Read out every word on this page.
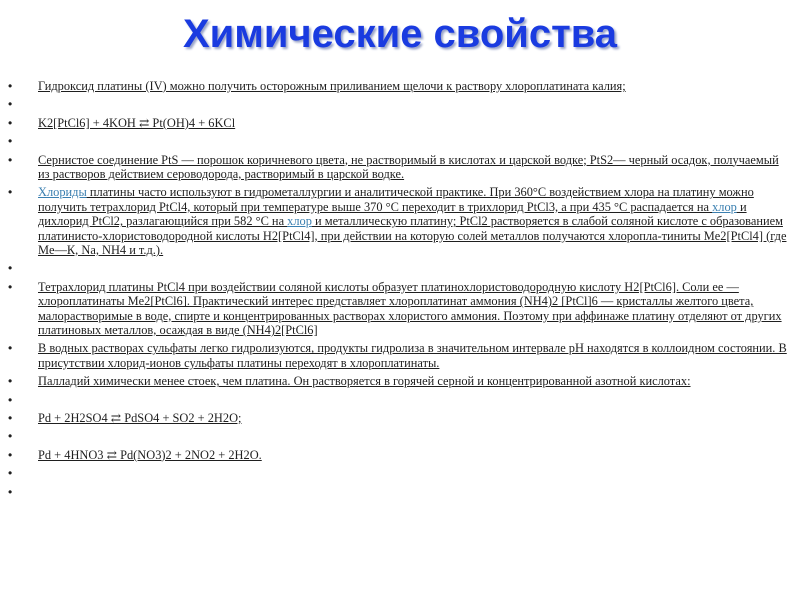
Химические свойства
• Гидроксид платины (IV) можно получить осторожным приливанием щелочи к раствору хлороплатината калия;
•
• K2[PtCl6] + 4KOH ⇄ Pt(OH)4 + 6KCl
•
• Сернистое соединение PtS — порошок коричневого цвета, не растворимый в кислотах и царской водке; PtS2— черный осадок, получаемый из растворов действием сероводорода, растворимый в царской водке.
• Хлориды платины часто используют в гидрометаллургии и аналитической практике. При 360°С воздействием хлора на платину можно получить тетрахлорид PtCl4, который при температуре выше 370 °С переходит в трихлорид PtCl3, а при 435 °С распадается на хлор и дихлорид PtCl2, разлагающийся при 582 °С на хлор и металлическую платину; PtCl2 растворяется в слабой соляной кислоте с образованием платинисто-хлористоводородной кислоты H2[PtCl4], при действии на которую солей металлов получаются хлоропла-тиниты Me2[PtCl4] (где Me—К, Na, NH4 и т.д.).
•
• Тетрахлорид платины PtCl4 при воздействии соляной кислоты образует платинохлористоводородную кислоту H2[PtCl6]. Соли ее — хлороплатинаты Me2[PtCl6]. Практический интерес представляет хлороплатинат аммония (NH4)2 [PtCl]6 — кристаллы желтого цвета, малорастворимые в воде, спирте и концентрированных растворах хлористого аммония. Поэтому при аффинаже платину отделяют от других платиновых металлов, осаждая в виде (NH4)2[PtCl6]
• В водных растворах сульфаты легко гидролизуются, продукты гидролиза в значительном интервале pH находятся в коллоидном состоянии. В присутствии хлорид-ионов сульфаты платины переходят в хлороплатинаты.
• Палладий химически менее стоек, чем платина. Он растворяется в горячей серной и концентрированной азотной кислотах:
•
• Pd + 2H2SO4 ⇄ PdSO4 + SO2 + 2H2O;
•
• Pd + 4HNO3 ⇄ Pd(NO3)2 + 2NO2 + 2H2O.
•
•
